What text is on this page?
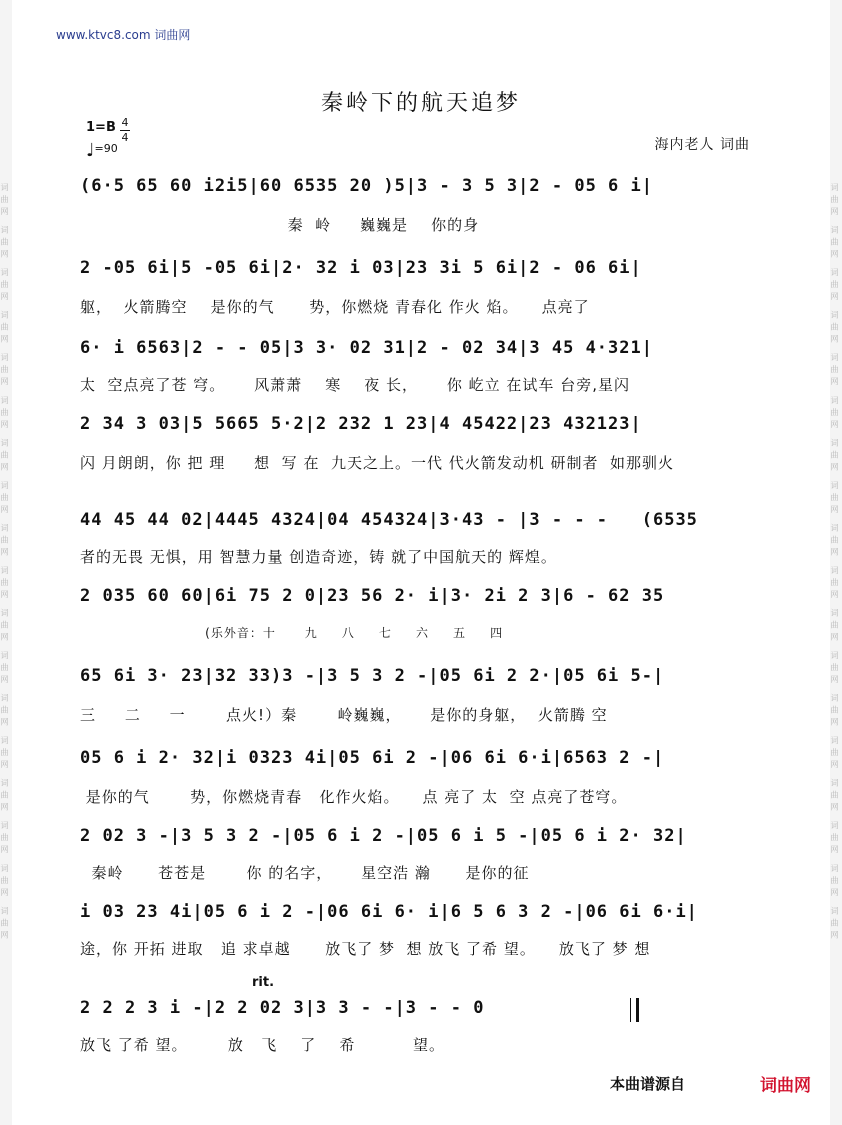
词曲网 词曲网 词曲网 词曲网 词曲网 词曲网 词曲网 词曲网 词曲网 词曲网 词曲网 词曲网 词曲网 词曲网 词曲网 词曲网 词曲网 词曲网
词曲网 词曲网 词曲网 词曲网 词曲网 词曲网 词曲网 词曲网 词曲网 词曲网 词曲网 词曲网 词曲网 词曲网 词曲网 词曲网 词曲网 词曲网
www.ktvc8.com 词曲网
秦岭下的航天追梦
1=B 4
4
♩=90	海内老人 词曲
(6·5 65 60 i2i5|60 6535 20 )5|3 - 3 5 3|2 - 05 6 i|
秦  岭     巍巍是    你的身
2 -05 6i|5 -05 6i|2· 32 i 03|23 3i 5 6i|2 - 06 6i|
躯，  火箭腾空    是你的气      势，你燃烧 青春化 作火 焰。    点亮了
6· i 6563|2 - - 05|3 3· 02 31|2 - 02 34|3 45 4·321|
太  空点亮了苍 穹。     风萧萧    寒    夜 长，     你 屹立 在试车 台旁,星闪
2 34 3 03|5 5665 5·2|2 232 1 23|4 45422|23 432123|
闪 月朗朗，你 把 理     想  写 在  九天之上。一代 代火箭发动机 研制者  如那驯火
44 45 44 02|4445 4324|04 454324|3·43 - |3 - - -   (6535
者的无畏 无惧，用 智慧力量 创造奇迹，铸 就了中国航天的 辉煌。
2 035 60 60|6i 75 2 0|23 56 2· i|3· 2i 2 3|6 - 62 35
(乐外音：十      九     八     七     六     五     四
65 6i 3· 23|32 33)3 -|3 5 3 2 -|05 6i 2 2·|05 6i 5-|
三     二     一       点火!）秦       岭巍巍，     是你的身躯，  火箭腾 空
05 6 i 2· 32|i 0323 4i|05 6i 2 -|06 6i 6·i|6563 2 -|
是你的气       势，你燃烧青春   化作火焰。    点 亮了 太  空 点亮了苍穹。
2 02 3 -|3 5 3 2 -|05 6 i 2 -|05 6 i 5 -|05 6 i 2· 32|
秦岭      苍苍是       你 的名字，     星空浩 瀚      是你的征
i 03 23 4i|05 6 i 2 -|06 6i 6· i|6 5 6 3 2 -|06 6i 6·i|
途，你 开拓 进取   追 求卓越      放飞了 梦  想 放飞 了希 望。    放飞了 梦 想
rit.
2 2 2 3 i -|2 2 02 3|3 3 - -|3 - - 0
放飞 了希 望。       放   飞    了    希          望。
本曲谱源自	词曲网
